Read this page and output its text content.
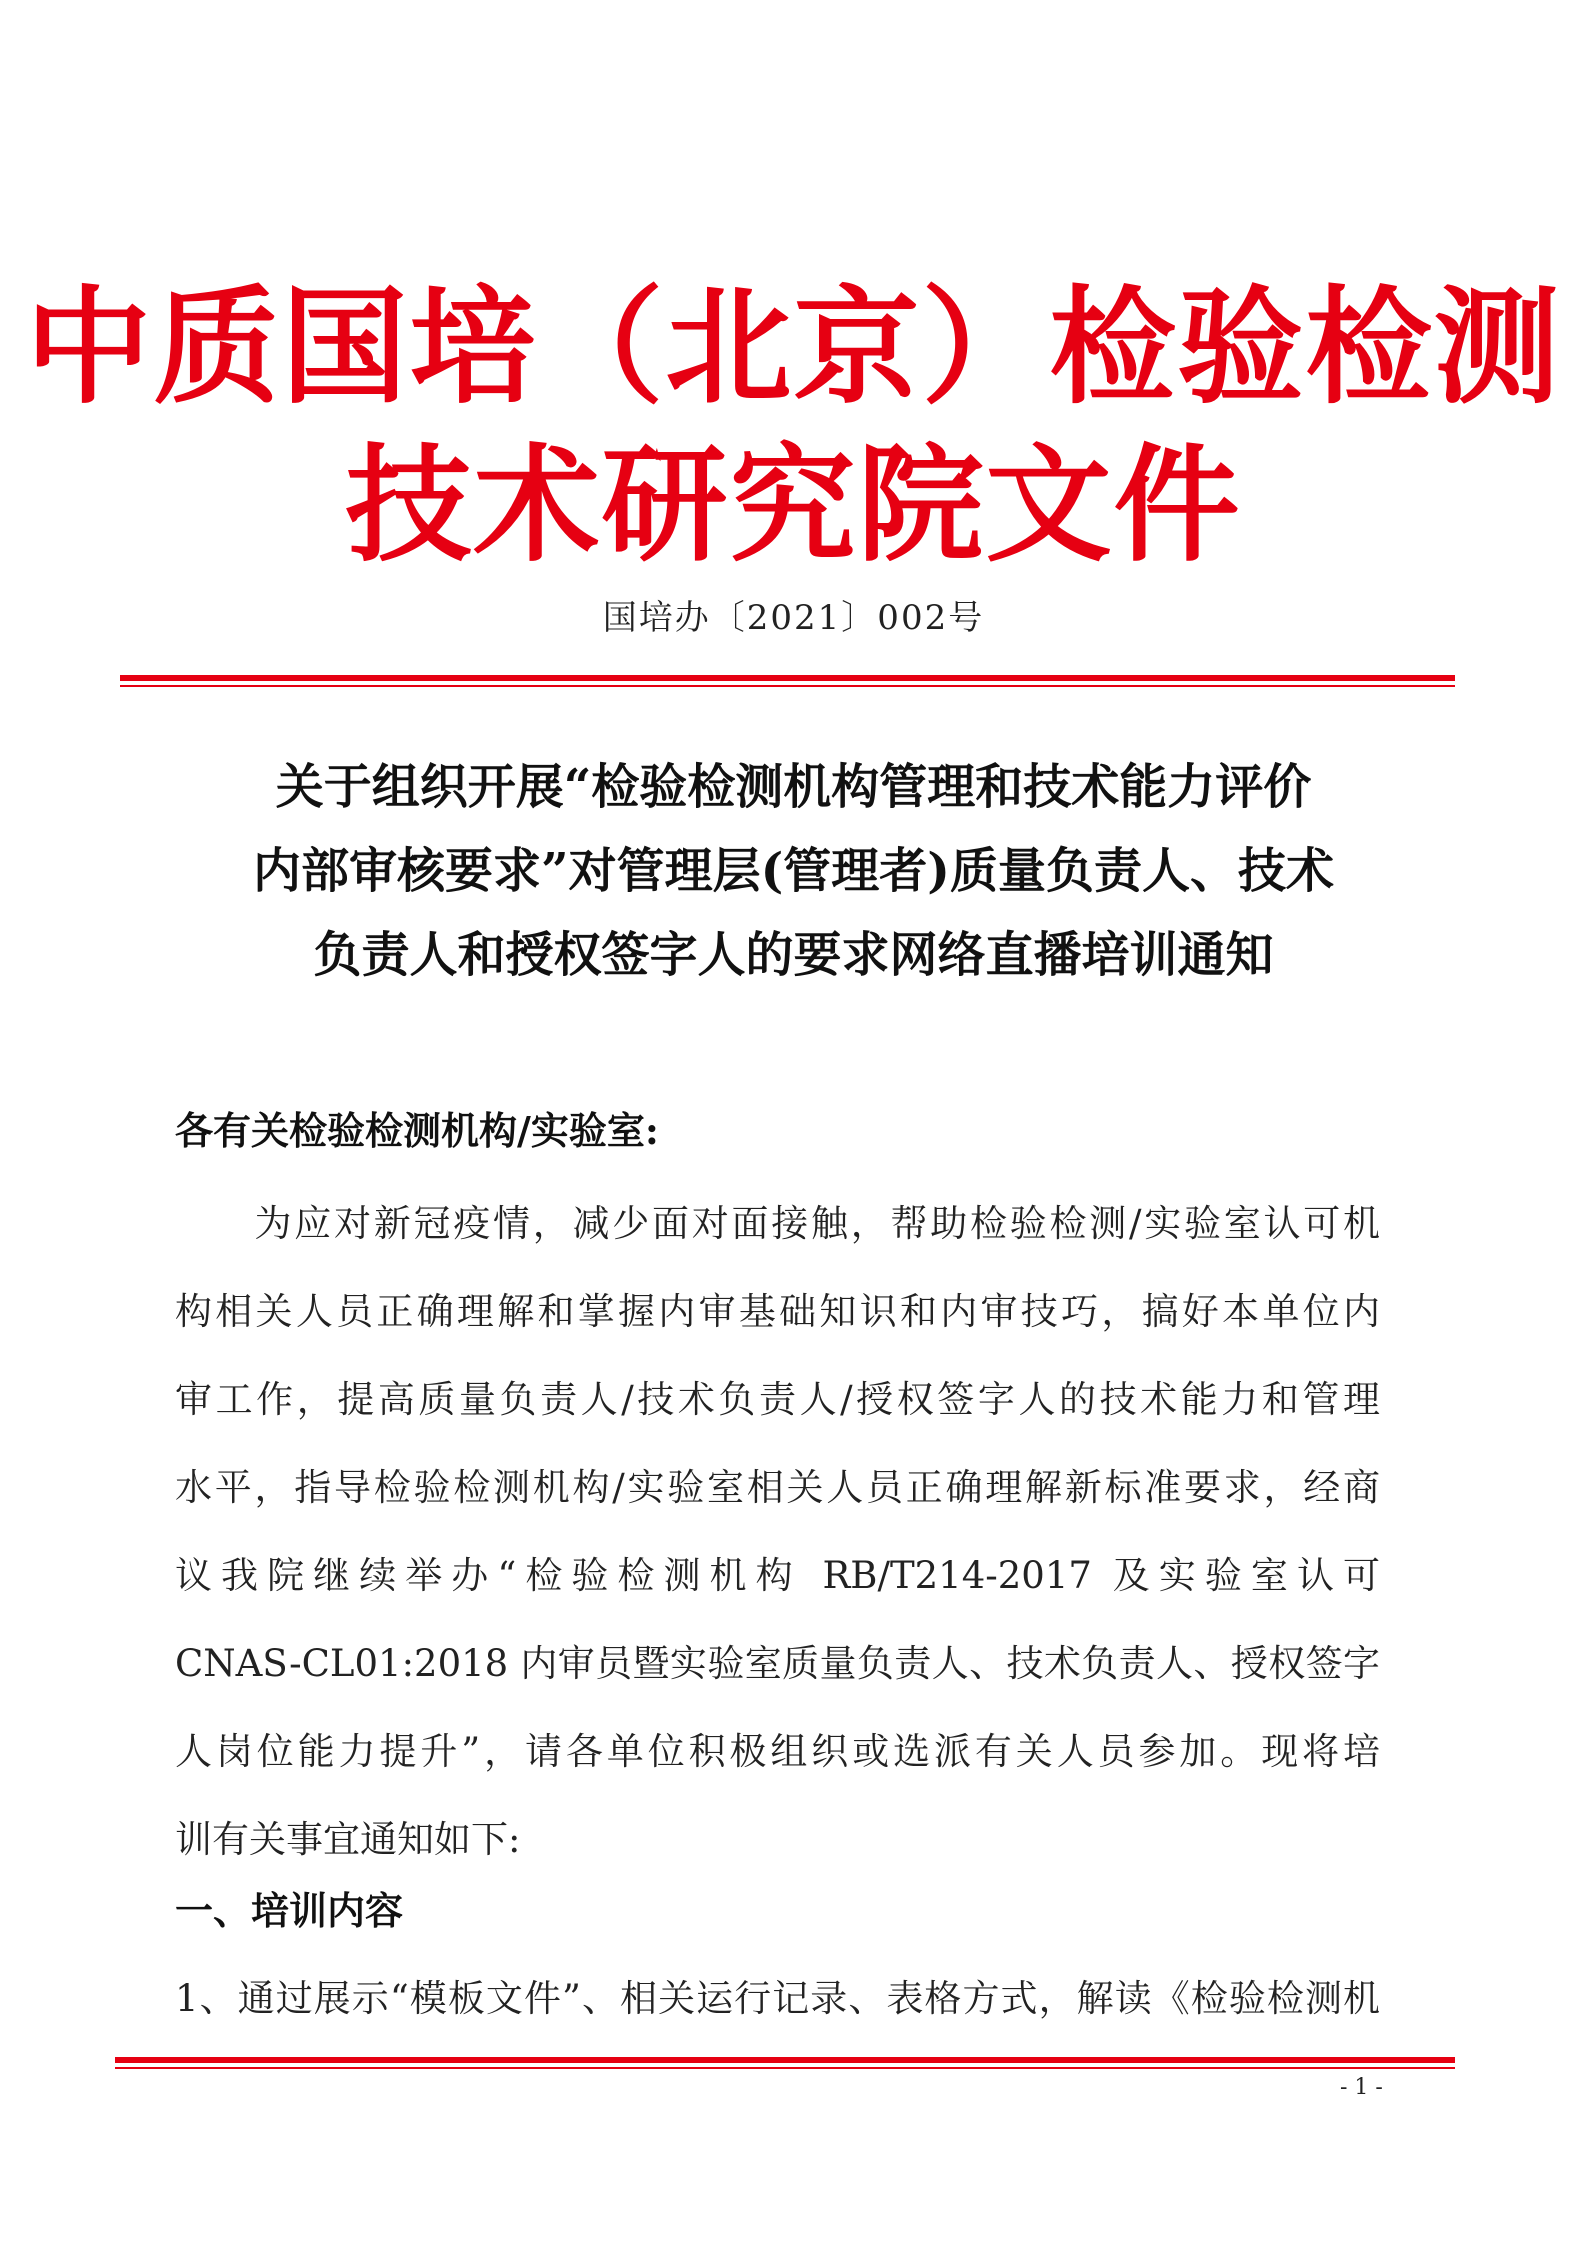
中质国培（北京）检验检测
技术研究院文件
国培办〔2021〕002号
关于组织开展“检验检测机构管理和技术能力评价
内部审核要求”对管理层(管理者)质量负责人、技术
负责人和授权签字人的要求网络直播培训通知
各有关检验检测机构/实验室:
　　为应对新冠疫情，减少面对面接触，帮助检验检测/实验室认可机
构相关人员正确理解和掌握内审基础知识和内审技巧，搞好本单位内
审工作，提高质量负责人/技术负责人/授权签字人的技术能力和管理
水平，指导检验检测机构/实验室相关人员正确理解新标准要求，经商
议我院继续举办“检验检测机构 RB/T214-2017 及实验室认可
CNAS-CL01:2018 内审员暨实验室质量负责人、技术负责人、授权签字
人岗位能力提升”，请各单位积极组织或选派有关人员参加。现将培
训有关事宜通知如下:
一、培训内容
1、通过展示“模板文件”、相关运行记录、表格方式，解读《检验检测机
- 1 -
